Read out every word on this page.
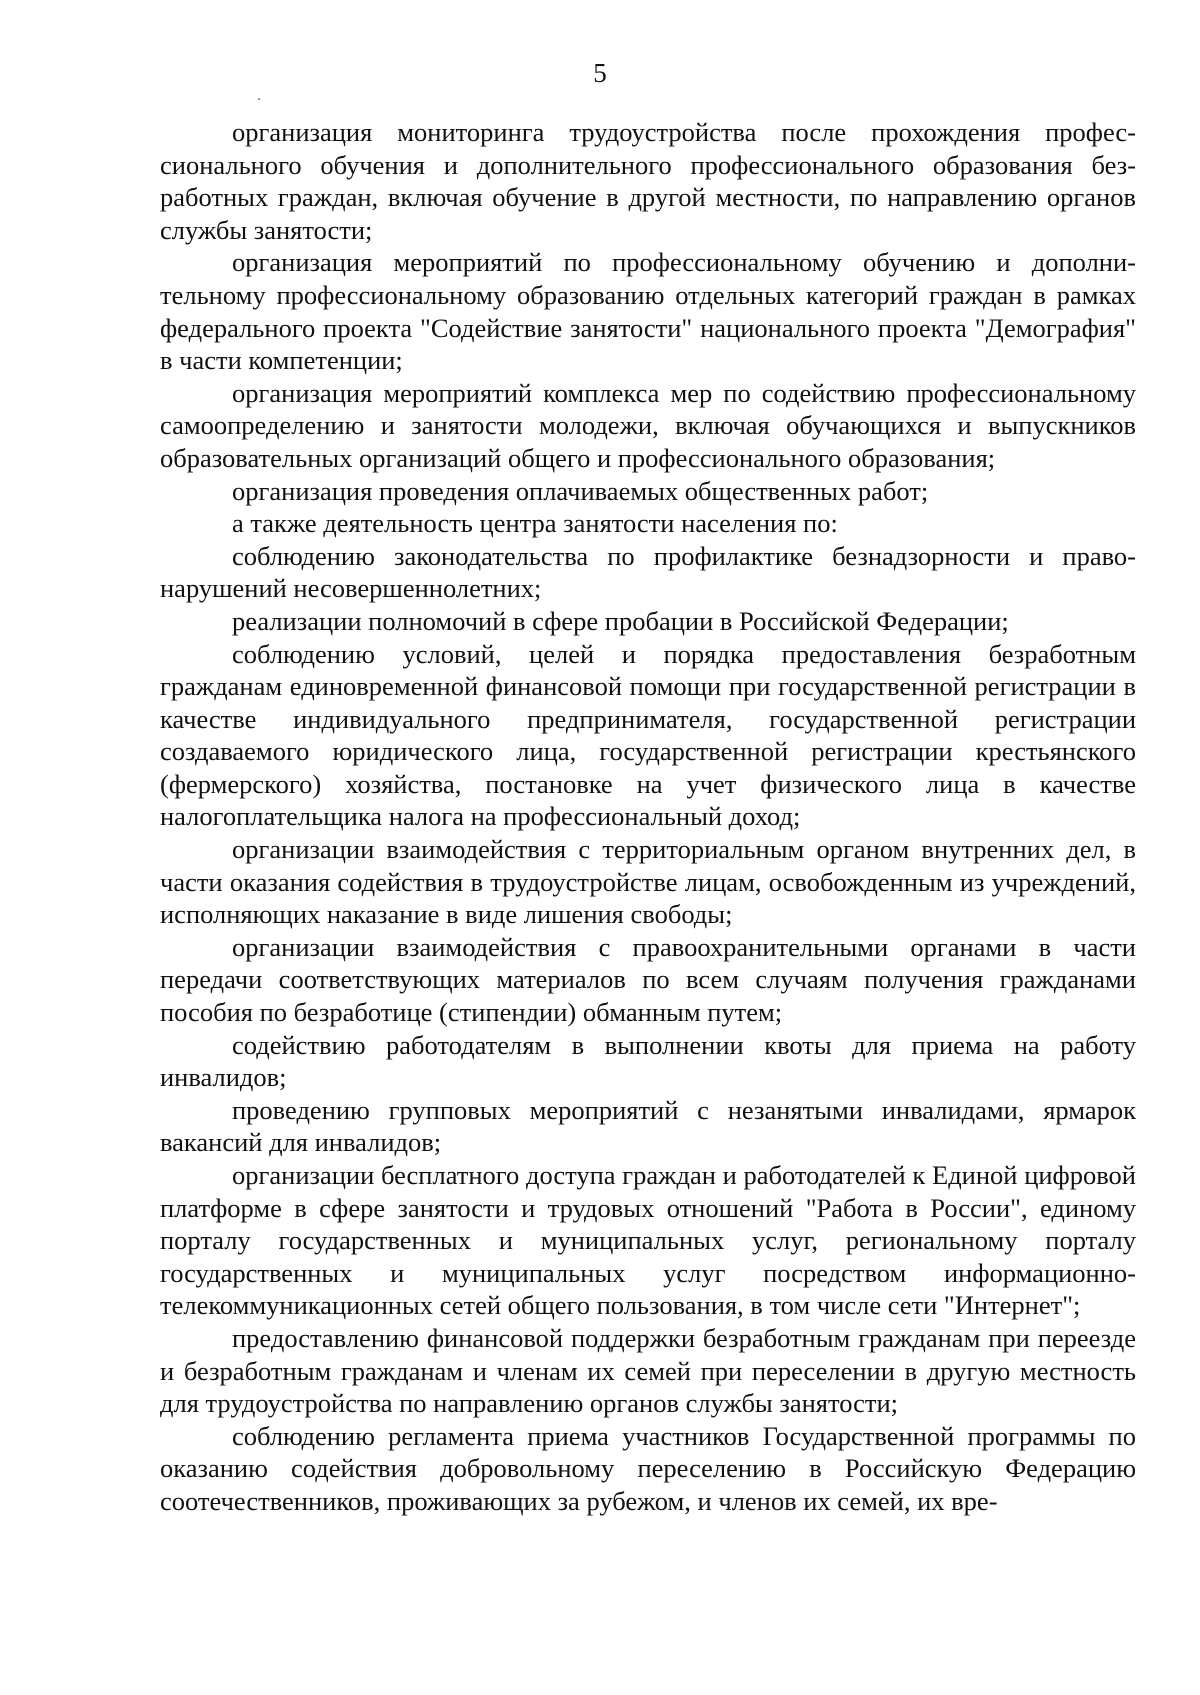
5

организация мониторинга трудоустройства после прохождения профессионального обучения и дополнительного профессионального образования безработных граждан, включая обучение в другой местности, по направлению органов службы занятости;

организация мероприятий по профессиональному обучению и дополнительному профессиональному образованию отдельных категорий граждан в рамках федерального проекта "Содействие занятости" национального проекта "Демография" в части компетенции;

организация мероприятий комплекса мер по содействию профессиональному самоопределению и занятости молодежи, включая обучающихся и выпускников образовательных организаций общего и профессионального образования;

организация проведения оплачиваемых общественных работ;

а также деятельность центра занятости населения по:

соблюдению законодательства по профилактике безнадзорности и правонарушений несовершеннолетних;

реализации полномочий в сфере пробации в Российской Федерации;

соблюдению условий, целей и порядка предоставления безработным гражданам единовременной финансовой помощи при государственной регистрации в качестве индивидуального предпринимателя, государственной регистрации создаваемого юридического лица, государственной регистрации крестьянского (фермерского) хозяйства, постановке на учет физического лица в качестве налогоплательщика налога на профессиональный доход;

организации взаимодействия с территориальным органом внутренних дел, в части оказания содействия в трудоустройстве лицам, освобожденным из учреждений, исполняющих наказание в виде лишения свободы;

организации взаимодействия с правоохранительными органами в части передачи соответствующих материалов по всем случаям получения гражданами пособия по безработице (стипендии) обманным путем;

содействию работодателям в выполнении квоты для приема на работу инвалидов;

проведению групповых мероприятий с незанятыми инвалидами, ярмарок вакансий для инвалидов;

организации бесплатного доступа граждан и работодателей к Единой цифровой платформе в сфере занятости и трудовых отношений "Работа в России", единому порталу государственных и муниципальных услуг, региональному порталу государственных и муниципальных услуг посредством информационно-телекоммуникационных сетей общего пользования, в том числе сети "Интернет";

предоставлению финансовой поддержки безработным гражданам при переезде и безработным гражданам и членам их семей при переселении в другую местность для трудоустройства по направлению органов службы занятости;

соблюдению регламента приема участников Государственной программы по оказанию содействия добровольному переселению в Российскую Федерацию соотечественников, проживающих за рубежом, и членов их семей, их вре-
